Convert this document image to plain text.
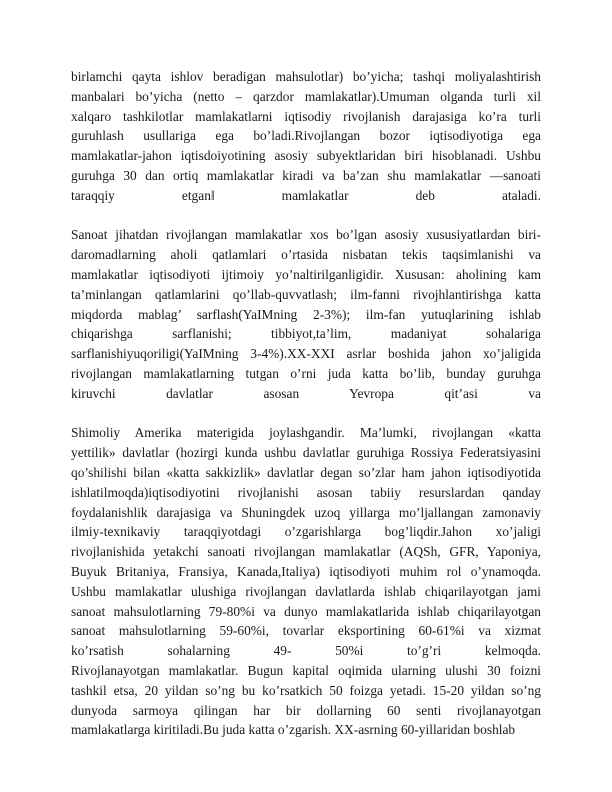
birlamchi qayta ishlov beradigan mahsulotlar) bo’yicha; tashqi moliyalashtirish
manbalari bo’yicha (netto – qarzdor mamlakatlar).Umuman olganda turli xil
xalqaro tashkilotlar mamlakatlarni iqtisodiy rivojlanish darajasiga ko’ra turli
guruhlash usullariga ega bo’ladi.Rivojlangan bozor iqtisodiyotiga ega
mamlakatlar-jahon iqtisdoiyotining asosiy subyektlaridan biri hisoblanadi. Ushbu
guruhga 30 dan ortiq mamlakatlar kiradi va ba’zan shu mamlakatlar ―sanoati
taraqqiy etgan‖ mamlakatlar deb ataladi.
Sanoat jihatdan rivojlangan mamlakatlar xos bo’lgan asosiy xususiyatlardan biri-
daromadlarning aholi qatlamlari o’rtasida nisbatan tekis taqsimlanishi va
mamlakatlar iqtisodiyoti ijtimoiy yo’naltirilganligidir. Xususan: aholining kam
ta’minlangan qatlamlarini qo’llab-quvvatlash; ilm-fanni rivojhlantirishga katta
miqdorda mablag’ sarflash(YaIMning 2-3%); ilm-fan yutuqlarining ishlab
chiqarishga sarflanishi; tibbiyot,ta’lim, madaniyat sohalariga
sarflanishiyuqoriligi(YaIMning 3-4%).XX-XXI asrlar boshida jahon xo’jaligida
rivojlangan mamlakatlarning tutgan o’rni juda katta bo’lib, bunday guruhga
kiruvchi davlatlar asosan Yevropa qit’asi va
Shimoliy Amerika materigida joylashgandir. Ma’lumki, rivojlangan «katta
yettilik» davlatlar (hozirgi kunda ushbu davlatlar guruhiga Rossiya Federatsiyasini
qo’shilishi bilan «katta sakkizlik» davlatlar degan so’zlar ham jahon iqtisodiyotida
ishlatilmoqda)iqtisodiyotini rivojlanishi asosan tabiiy resurslardan qanday
foydalanishlik darajasiga va Shuningdek uzoq yillarga mo’ljallangan zamonaviy
ilmiy-texnikaviy taraqqiyotdagi o’zgarishlarga bog’liqdir.Jahon xo’jaligi
rivojlanishida yetakchi sanoati rivojlangan mamlakatlar (AQSh, GFR, Yaponiya,
Buyuk Britaniya, Fransiya, Kanada,Italiya) iqtisodiyoti muhim rol o’ynamoqda.
Ushbu mamlakatlar ulushiga rivojlangan davlatlarda ishlab chiqarilayotgan jami
sanoat mahsulotlarning 79-80%i va dunyo mamlakatlarida ishlab chiqarilayotgan
sanoat mahsulotlarning 59-60%i, tovarlar eksportining 60-61%i va xizmat
ko’rsatish sohalarning 49- 50%i to’g’ri kelmoqda.
Rivojlanayotgan mamlakatlar. Bugun kapital oqimida ularning ulushi 30 foizni
tashkil etsa, 20 yildan so’ng bu ko’rsatkich 50 foizga yetadi. 15-20 yildan so’ng
dunyoda sarmoya qilingan har bir dollarning 60 senti rivojlanayotgan
mamlakatlarga kiritiladi.Bu juda katta o’zgarish. XX-asrning 60-yillaridan boshlab
